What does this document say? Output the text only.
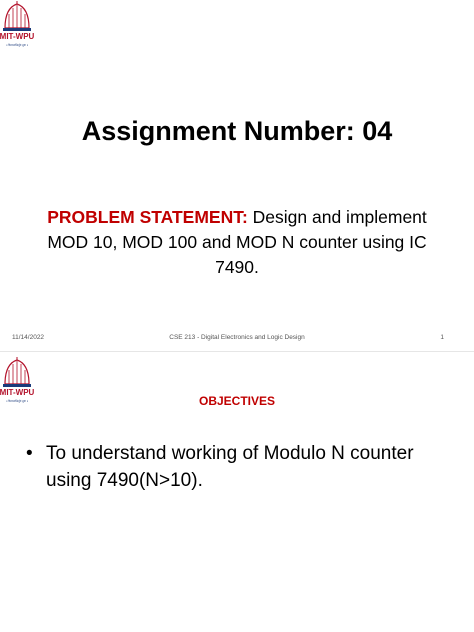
MIT-WPU
॥ विश्वशान्तिर्ध्रुवं ध्रुवा ॥
Assignment Number: 04
PROBLEM STATEMENT: Design and implement MOD 10, MOD 100 and MOD N counter using IC 7490.
11/14/2022	CSE 213 - Digital Electronics and Logic Design	1
MIT-WPU
॥ विश्वशान्तिर्ध्रुवं ध्रुवा ॥	OBJECTIVES
• To understand working of Modulo N counter using 7490(N>10).
